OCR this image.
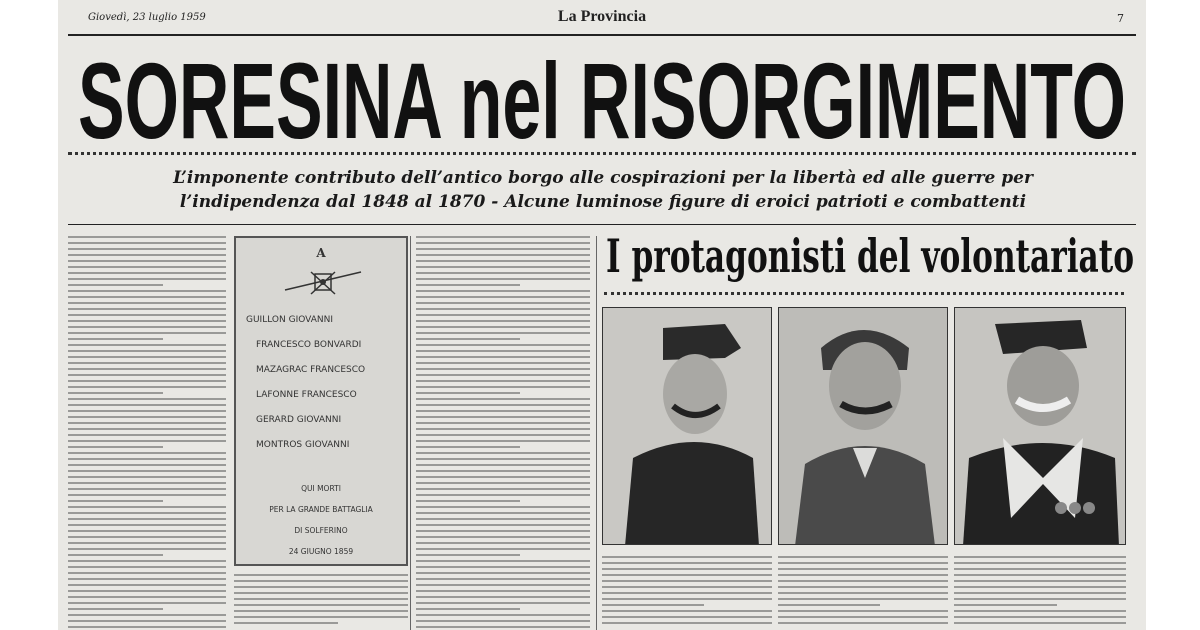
Giovedì, 23 luglio 1959	La Provincia	7
SORESINA nel RISORGIMENTO
L’imponente contributo dell’antico borgo alle cospirazioni per la libertà ed alle guerre per
l’indipendenza dal 1848 al 1870 - Alcune luminose figure di eroici patrioti e combattenti
A
GUILLON GIOVANNI
FRANCESCO BONVARDI
MAZAGRAC FRANCESCO
LAFONNE FRANCESCO
GERARD GIOVANNI
MONTROS GIOVANNI
QUI MORTI
PER LA GRANDE BATTAGLIA
DI SOLFERINO
24 GIUGNO 1859
I protagonisti del volontariato
